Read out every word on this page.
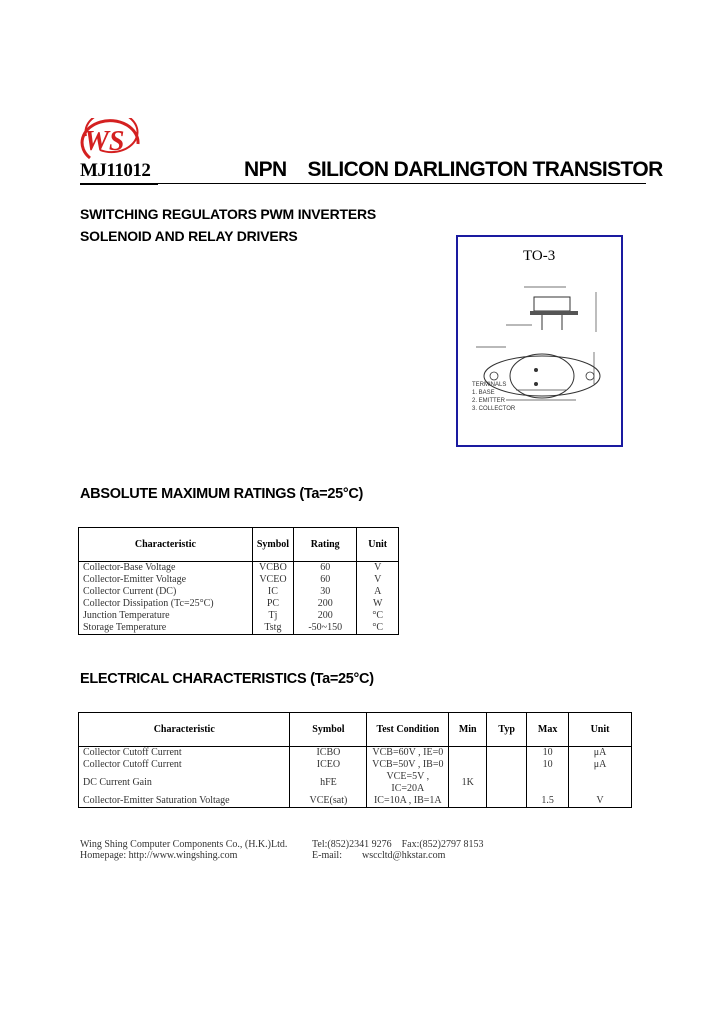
WS
MJ11012	NPN    SILICON DARLINGTON TRANSISTOR
SWITCHING REGULATORS PWM INVERTERS
SOLENOID AND RELAY DRIVERS
TO-3
TERMINALS
1. BASE
2. EMITTER
3. COLLECTOR
ABSOLUTE MAXIMUM RATINGS (Ta=25°C)
Characteristic	Symbol	Rating	Unit
Collector-Base Voltage	VCBO	60	V
Collector-Emitter Voltage	VCEO	60	V
Collector Current (DC)	IC	30	A
Collector Dissipation (Tc=25°C)	PC	200	W
Junction Temperature	Tj	200	°C
Storage Temperature	Tstg	-50~150	°C
ELECTRICAL CHARACTERISTICS (Ta=25°C)
Characteristic	Symbol	Test Condition	Min	Typ	Max	Unit
Collector Cutoff Current	ICBO	VCB=60V , IE=0			10	μA
Collector Cutoff Current	ICEO	VCB=50V , IB=0			10	μA
DC Current Gain	hFE	VCE=5V , IC=20A	1K			
Collector-Emitter Saturation Voltage	VCE(sat)	IC=10A , IB=1A			1.5	V
Wing Shing Computer Components Co., (H.K.)Ltd.
Homepage: http://www.wingshing.com
Tel:(852)2341 9276    Fax:(852)2797 8153
E-mail:        wsccltd@hkstar.com
